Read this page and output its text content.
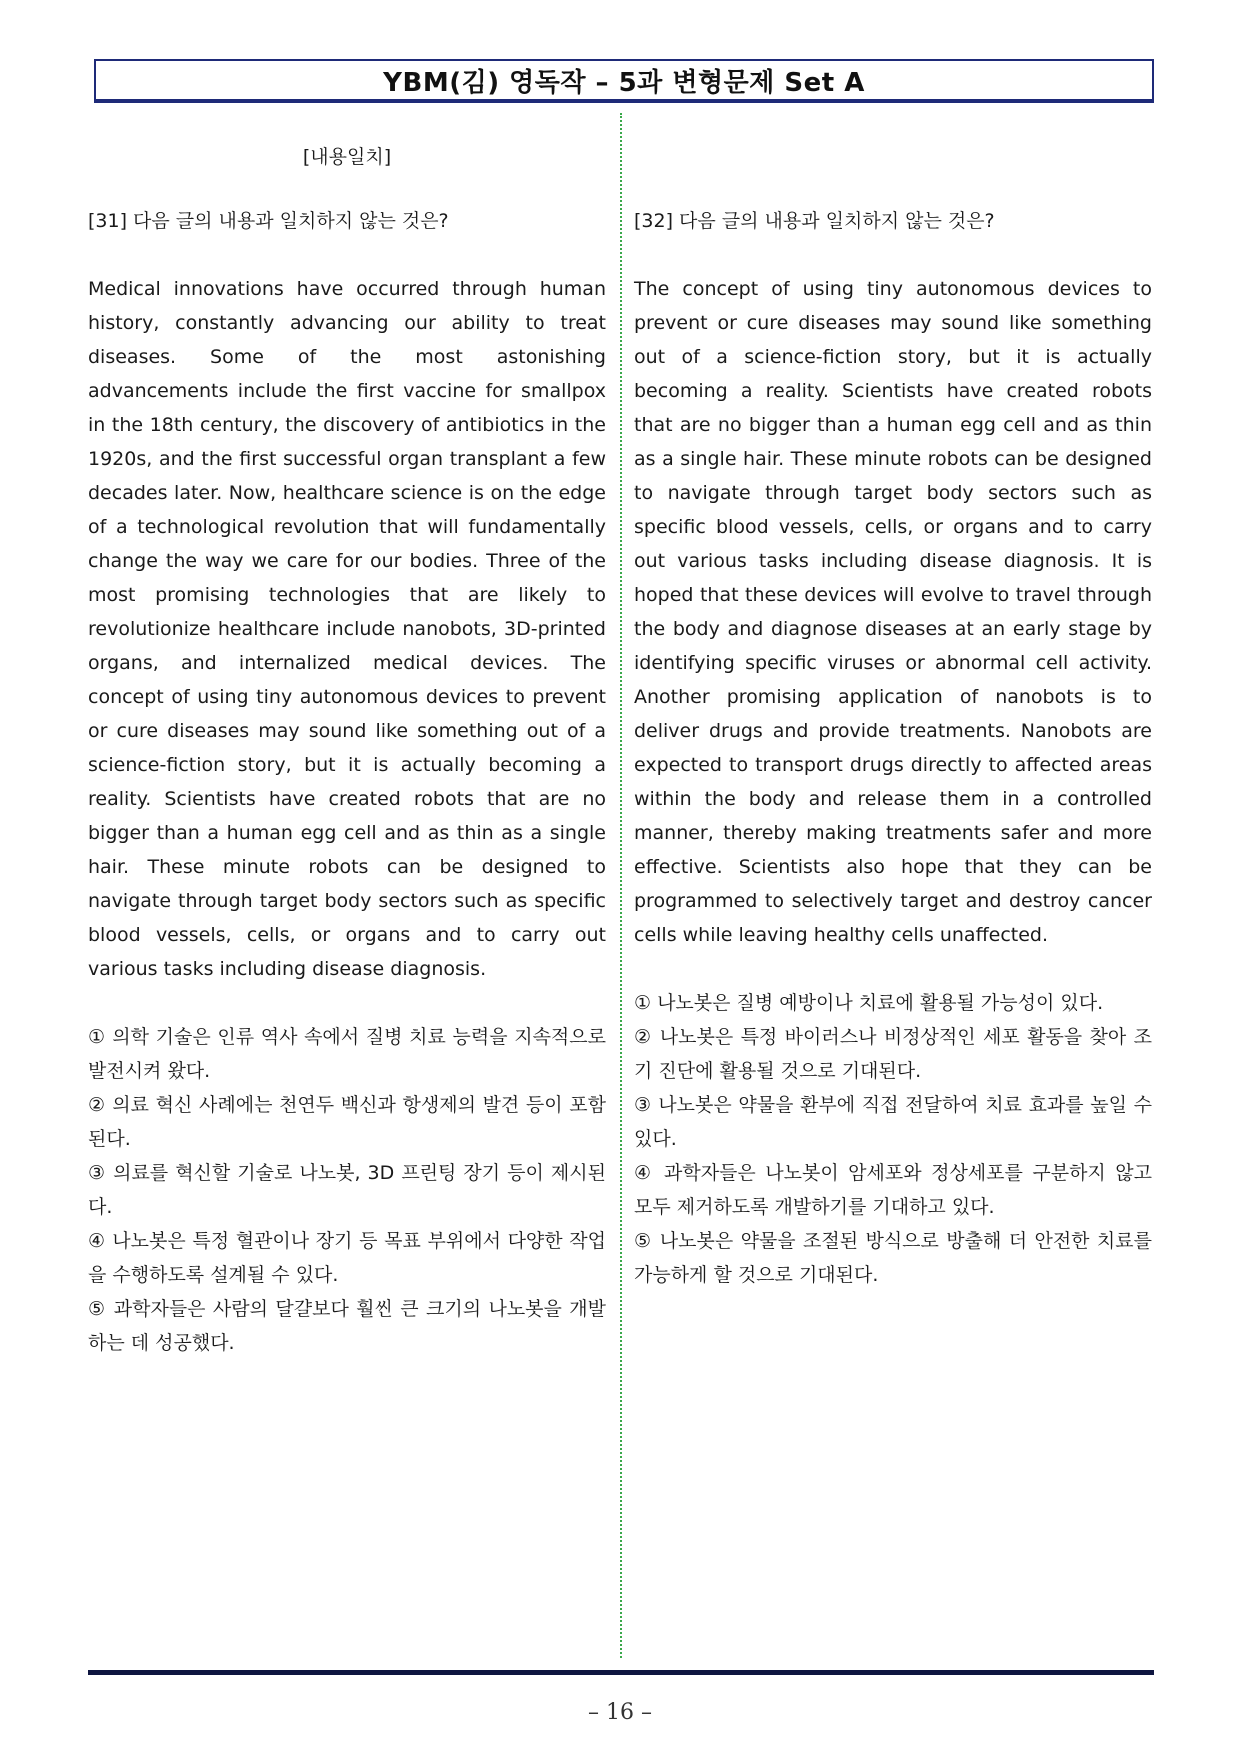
YBM(김) 영독작 – 5과 변형문제 Set A
[내용일치]
[31] 다음 글의 내용과 일치하지 않는 것은?
Medical innovations have occurred through human history, constantly advancing our ability to treat diseases. Some of the most astonishing advancements include the first vaccine for smallpox in the 18th century, the discovery of antibiotics in the 1920s, and the first successful organ transplant a few decades later. Now, healthcare science is on the edge of a technological revolution that will fundamentally change the way we care for our bodies. Three of the most promising technologies that are likely to revolutionize healthcare include nanobots, 3D-printed organs, and internalized medical devices. The concept of using tiny autonomous devices to prevent or cure diseases may sound like something out of a science-fiction story, but it is actually becoming a reality. Scientists have created robots that are no bigger than a human egg cell and as thin as a single hair. These minute robots can be designed to navigate through target body sectors such as specific blood vessels, cells, or organs and to carry out various tasks including disease diagnosis.
① 의학 기술은 인류 역사 속에서 질병 치료 능력을 지속적으로 발전시켜 왔다.
② 의료 혁신 사례에는 천연두 백신과 항생제의 발견 등이 포함된다.
③ 의료를 혁신할 기술로 나노봇, 3D 프린팅 장기 등이 제시된다.
④ 나노봇은 특정 혈관이나 장기 등 목표 부위에서 다양한 작업을 수행하도록 설계될 수 있다.
⑤ 과학자들은 사람의 달걀보다 훨씬 큰 크기의 나노봇을 개발하는 데 성공했다.
[32] 다음 글의 내용과 일치하지 않는 것은?
The concept of using tiny autonomous devices to prevent or cure diseases may sound like something out of a science-fiction story, but it is actually becoming a reality. Scientists have created robots that are no bigger than a human egg cell and as thin as a single hair. These minute robots can be designed to navigate through target body sectors such as specific blood vessels, cells, or organs and to carry out various tasks including disease diagnosis. It is hoped that these devices will evolve to travel through the body and diagnose diseases at an early stage by identifying specific viruses or abnormal cell activity. Another promising application of nanobots is to deliver drugs and provide treatments. Nanobots are expected to transport drugs directly to affected areas within the body and release them in a controlled manner, thereby making treatments safer and more effective. Scientists also hope that they can be programmed to selectively target and destroy cancer cells while leaving healthy cells unaffected.
① 나노봇은 질병 예방이나 치료에 활용될 가능성이 있다.
② 나노봇은 특정 바이러스나 비정상적인 세포 활동을 찾아 조기 진단에 활용될 것으로 기대된다.
③ 나노봇은 약물을 환부에 직접 전달하여 치료 효과를 높일 수 있다.
④ 과학자들은 나노봇이 암세포와 정상세포를 구분하지 않고 모두 제거하도록 개발하기를 기대하고 있다.
⑤ 나노봇은 약물을 조절된 방식으로 방출해 더 안전한 치료를 가능하게 할 것으로 기대된다.
– 16 –
